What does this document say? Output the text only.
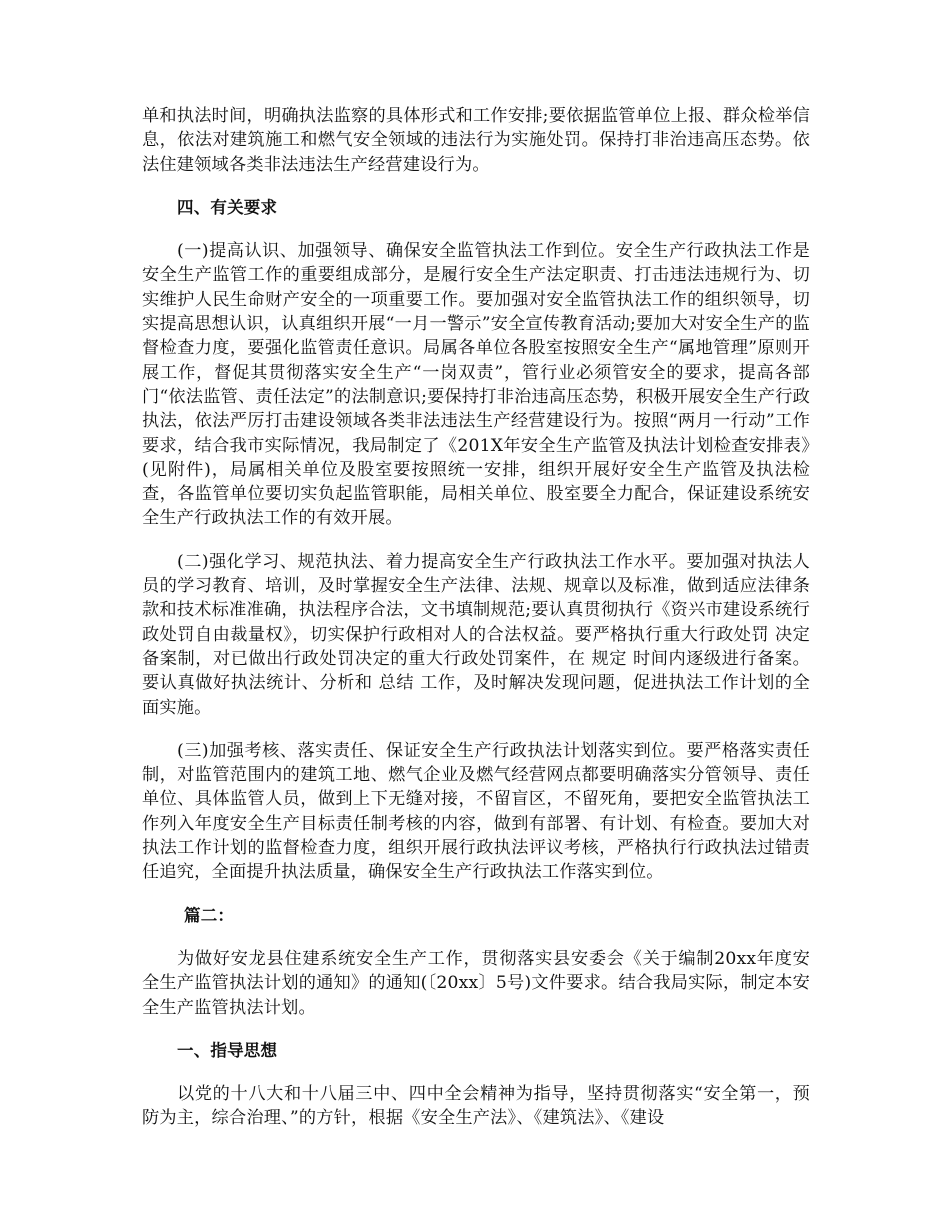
单和执法时间，明确执法监察的具体形式和工作安排;要依据监管单位上报、群众检举信息，依法对建筑施工和燃气安全领域的违法行为实施处罚。保持打非治违高压态势。依法住建领域各类非法违法生产经营建设行为。

四、有关要求

(一)提高认识、加强领导、确保安全监管执法工作到位。安全生产行政执法工作是安全生产监管工作的重要组成部分，是履行安全生产法定职责、打击违法违规行为、切实维护人民生命财产安全的一项重要工作。要加强对安全监管执法工作的组织领导，切实提高思想认识，认真组织开展“一月一警示”安全宣传教育活动;要加大对安全生产的监督检查力度，要强化监管责任意识。局属各单位各股室按照安全生产“属地管理”原则开展工作，督促其贯彻落实安全生产“一岗双责”，管行业必须管安全的要求，提高各部门“依法监管、责任法定”的法制意识;要保持打非治违高压态势，积极开展安全生产行政执法，依法严厉打击建设领域各类非法违法生产经营建设行为。按照“两月一行动”工作要求，结合我市实际情况，我局制定了《201X年安全生产监管及执法计划检查安排表》(见附件)，局属相关单位及股室要按照统一安排，组织开展好安全生产监管及执法检查，各监管单位要切实负起监管职能，局相关单位、股室要全力配合，保证建设系统安全生产行政执法工作的有效开展。

(二)强化学习、规范执法、着力提高安全生产行政执法工作水平。要加强对执法人员的学习教育、培训，及时掌握安全生产法律、法规、规章以及标准，做到适应法律条款和技术标准准确，执法程序合法，文书填制规范;要认真贯彻执行《资兴市建设系统行政处罚自由裁量权》，切实保护行政相对人的合法权益。要严格执行重大行政处罚 决定 备案制，对已做出行政处罚决定的重大行政处罚案件，在 规定 时间内逐级进行备案。要认真做好执法统计、分析和 总结 工作，及时解决发现问题，促进执法工作计划的全面实施。

(三)加强考核、落实责任、保证安全生产行政执法计划落实到位。要严格落实责任制，对监管范围内的建筑工地、燃气企业及燃气经营网点都要明确落实分管领导、责任单位、具体监管人员，做到上下无缝对接，不留盲区，不留死角，要把安全监管执法工作列入年度安全生产目标责任制考核的内容，做到有部署、有计划、有检查。要加大对执法工作计划的监督检查力度，组织开展行政执法评议考核，严格执行行政执法过错责任追究，全面提升执法质量，确保安全生产行政执法工作落实到位。

篇二：

为做好安龙县住建系统安全生产工作，贯彻落实县安委会《关于编制20xx年度安全生产监管执法计划的通知》的通知(〔20xx〕5号)文件要求。结合我局实际，制定本安全生产监管执法计划。

一、指导思想

以党的十八大和十八届三中、四中全会精神为指导，坚持贯彻落实“安全第一，预防为主，综合治理、”的方针，根据《安全生产法》、《建筑法》、《建设
